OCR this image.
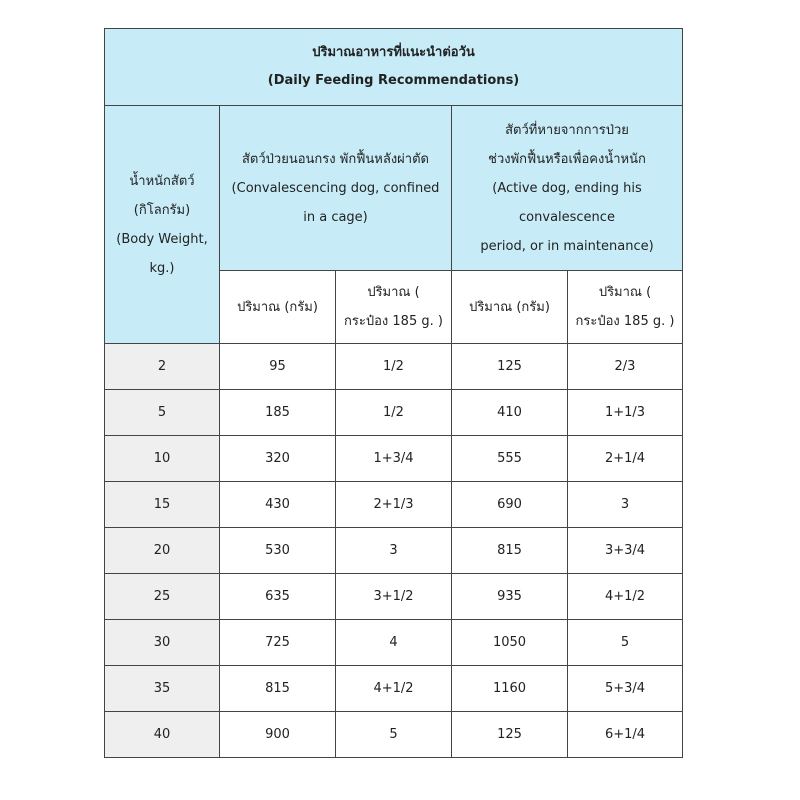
ปริมาณอาหารที่แนะนำต่อวัน
(Daily Feeding Recommendations)				

น้ำหนักสัตว์
(กิโลกรัม)
(Body Weight,
kg.)	สัตว์ป่วยนอนกรง พักฟื้นหลังผ่าตัด
(Convalescencing dog, confined
in a cage)		สัตว์ที่หายจากการป่วย
ช่วงพักฟื้นหรือเพื่อคงน้ำหนัก
(Active dog, ending his
convalescence
period, or in maintenance)	

	ปริมาณ (กรัม)	ปริมาณ (
กระป๋อง 185 g. )	ปริมาณ (กรัม)	ปริมาณ (
กระป๋อง 185 g. )

2	95	1/2	125	2/3
5	185	1/2	410	1+1/3
10	320	1+3/4	555	2+1/4
15	430	2+1/3	690	3
20	530	3	815	3+3/4
25	635	3+1/2	935	4+1/2
30	725	4	1050	5
35	815	4+1/2	1160	5+3/4
40	900	5	125	6+1/4
